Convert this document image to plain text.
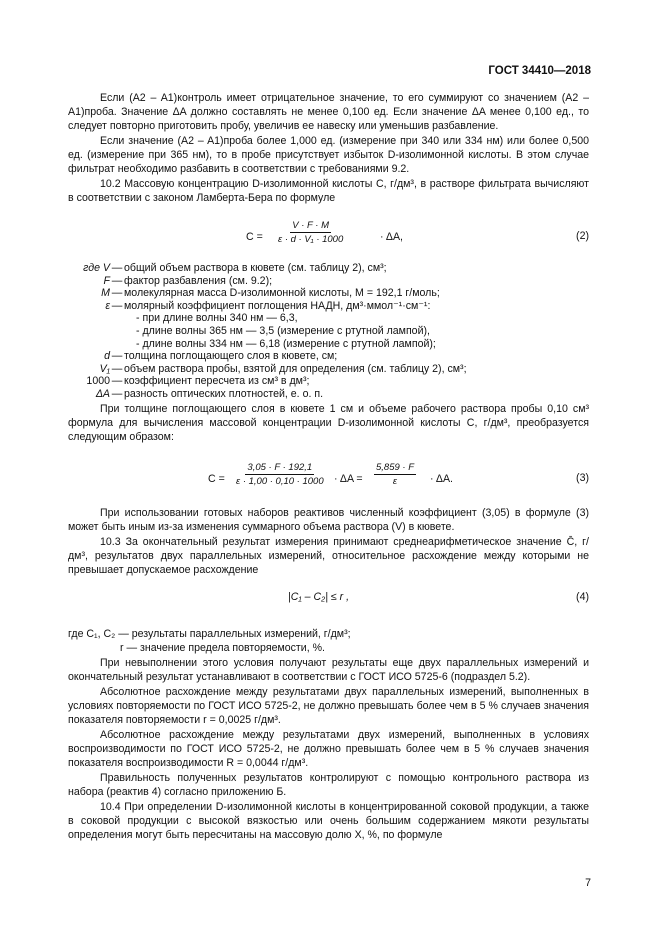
ГОСТ 34410—2018
Если (A2 – A1)контроль имеет отрицательное значение, то его суммируют со значением (A2 – A1)проба. Значение ΔA должно составлять не менее 0,100 ед. Если значение ΔA менее 0,100 ед., то следует повторно приготовить пробу, увеличив ее навеску или уменьшив разбавление.
Если значение (A2 – A1)проба более 1,000 ед. (измерение при 340 или 334 нм) или более 0,500 ед. (измерение при 365 нм), то в пробе присутствует избыток D-изолимонной кислоты. В этом случае фильтрат необходимо разбавить в соответствии с требованиями 9.2.
10.2 Массовую концентрацию D-изолимонной кислоты C, г/дм³, в растворе фильтрата вычисляют в соответствии с законом Ламберта-Бера по формуле
$C = \frac{V \cdot F \cdot M}{\text{ε · d · V₁ · 1000}}$	· ΔA,	(2)
где V — общий объем раствора в кювете (см. таблицу 2), см³;
F — фактор разбавления (см. 9.2);
M — молекулярная масса D-изолимонной кислоты, M = 192,1 г/моль;
ε — молярный коэффициент поглощения НАДН, дм³·ммол⁻¹·см⁻¹:
- при длине волны 340 нм — 6,3,
- длине волны 365 нм — 3,5 (измерение с ртутной лампой),
- длине волны 334 нм — 6,18 (измерение с ртутной лампой);
d — толщина поглощающего слоя в кювете, см;
V₁ — объем раствора пробы, взятой для определения (см. таблицу 2), см³;
1000 — коэффициент пересчета из см³ в дм³;
ΔA — разность оптических плотностей, е. о. п.
При толщине поглощающего слоя в кювете 1 см и объеме рабочего раствора пробы 0,10 см³ формула для вычисления массовой концентрации D-изолимонной кислоты C, г/дм³, преобразуется следующим образом:
$C = \frac{3,05 \cdot F \cdot 192,1}{\varepsilon \cdot 1,00 \cdot 0,10 \cdot 1000} \cdot \Delta A = \frac{5,859 \cdot F}{\varepsilon} \cdot \Delta A$.	(3)
При использовании готовых наборов реактивов численный коэффициент (3,05) в формуле (3) может быть иным из-за изменения суммарного объема раствора (V) в кювете.
10.3 За окончательный результат измерения принимают среднеарифметическое значение C̄, г/дм³, результатов двух параллельных измерений, относительное расхождение между которыми не превышает допускаемое расхождение
|C₁ – C₂| ≤ r ,	(4)
где C₁, C₂ — результаты параллельных измерений, г/дм³;
r — значение предела повторяемости, %.
При невыполнении этого условия получают результаты еще двух параллельных измерений и окончательный результат устанавливают в соответствии с ГОСТ ИСО 5725-6 (подраздел 5.2).
Абсолютное расхождение между результатами двух параллельных измерений, выполненных в условиях повторяемости по ГОСТ ИСО 5725-2, не должно превышать более чем в 5 % случаев значения показателя повторяемости r = 0,0025 г/дм³.
Абсолютное расхождение между результатами двух измерений, выполненных в условиях воспроизводимости по ГОСТ ИСО 5725-2, не должно превышать более чем в 5 % случаев значения показателя воспроизводимости R = 0,0044 г/дм³.
Правильность полученных результатов контролируют с помощью контрольного раствора из набора (реактив 4) согласно приложению Б.
10.4 При определении D-изолимонной кислоты в концентрированной соковой продукции, а также в соковой продукции с высокой вязкостью или очень большим содержанием мякоти результаты определения могут быть пересчитаны на массовую долю X, %, по формуле
7
